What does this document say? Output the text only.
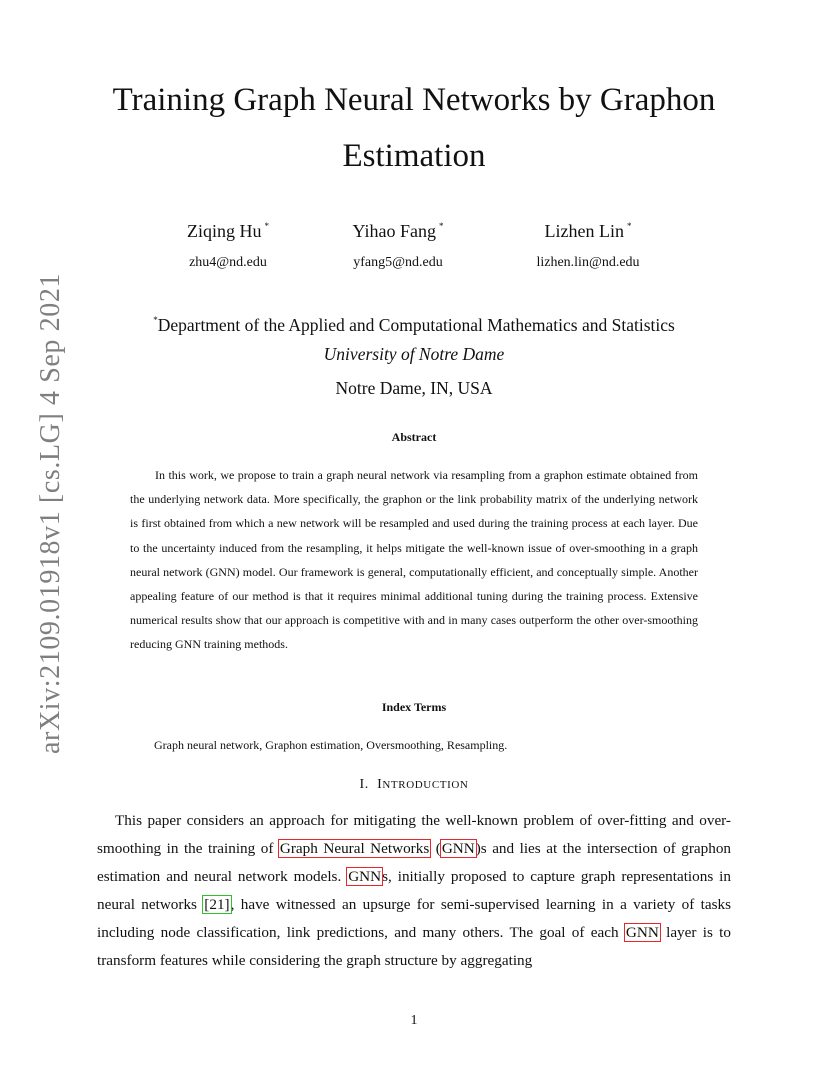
arXiv:2109.01918v1 [cs.LG] 4 Sep 2021
Training Graph Neural Networks by Graphon Estimation
Ziqing Hu *
zhu4@nd.edu
Yihao Fang *
yfang5@nd.edu
Lizhen Lin *
lizhen.lin@nd.edu
*Department of the Applied and Computational Mathematics and Statistics
University of Notre Dame
Notre Dame, IN, USA
Abstract
In this work, we propose to train a graph neural network via resampling from a graphon estimate obtained from the underlying network data. More specifically, the graphon or the link probability matrix of the underlying network is first obtained from which a new network will be resampled and used during the training process at each layer. Due to the uncertainty induced from the resampling, it helps mitigate the well-known issue of over-smoothing in a graph neural network (GNN) model. Our framework is general, computationally efficient, and conceptually simple. Another appealing feature of our method is that it requires minimal additional tuning during the training process. Extensive numerical results show that our approach is competitive with and in many cases outperform the other over-smoothing reducing GNN training methods.
Index Terms
Graph neural network, Graphon estimation, Oversmoothing, Resampling.
I. INTRODUCTION
This paper considers an approach for mitigating the well-known problem of over-fitting and over-smoothing in the training of Graph Neural Networks (GNN)s and lies at the intersection of graphon estimation and neural network models. GNNs, initially proposed to capture graph representations in neural networks [21], have witnessed an upsurge for semi-supervised learning in a variety of tasks including node classification, link predictions, and many others. The goal of each GNN layer is to transform features while considering the graph structure by aggregating
1
